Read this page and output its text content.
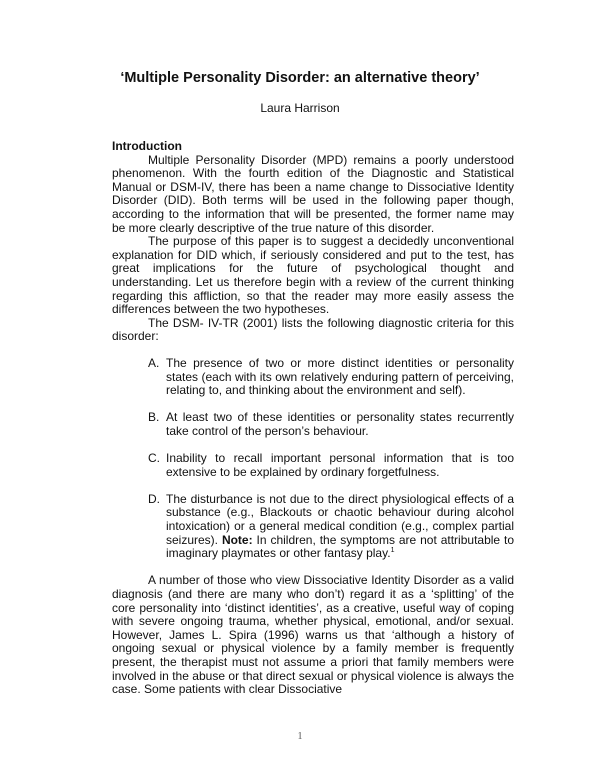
‘Multiple Personality Disorder: an alternative theory’
Laura Harrison
Introduction

Multiple Personality Disorder (MPD) remains a poorly understood phenomenon. With the fourth edition of the Diagnostic and Statistical Manual or DSM-IV, there has been a name change to Dissociative Identity Disorder (DID). Both terms will be used in the following paper though, according to the information that will be presented, the former name may be more clearly descriptive of the true nature of this disorder.

The purpose of this paper is to suggest a decidedly unconventional explanation for DID which, if seriously considered and put to the test, has great implications for the future of psychological thought and understanding. Let us therefore begin with a review of the current thinking regarding this affliction, so that the reader may more easily assess the differences between the two hypotheses.

The DSM- IV-TR (2001) lists the following diagnostic criteria for this disorder:

A. The presence of two or more distinct identities or personality states (each with its own relatively enduring pattern of perceiving, relating to, and thinking about the environment and self).
B. At least two of these identities or personality states recurrently take control of the person’s behaviour.
C. Inability to recall important personal information that is too extensive to be explained by ordinary forgetfulness.
D. The disturbance is not due to the direct physiological effects of a substance (e.g., Blackouts or chaotic behaviour during alcohol intoxication) or a general medical condition (e.g., complex partial seizures). Note: In children, the symptoms are not attributable to imaginary playmates or other fantasy play.$^1$

A number of those who view Dissociative Identity Disorder as a valid diagnosis (and there are many who don’t) regard it as a ‘splitting’ of the core personality into ‘distinct identities’, as a creative, useful way of coping with severe ongoing trauma, whether physical, emotional, and/or sexual. However, James L. Spira (1996) warns us that ‘although a history of ongoing sexual or physical violence by a family member is frequently present, the therapist must not assume a priori that family members were involved in the abuse or that direct sexual or physical violence is always the case. Some patients with clear Dissociative

1
